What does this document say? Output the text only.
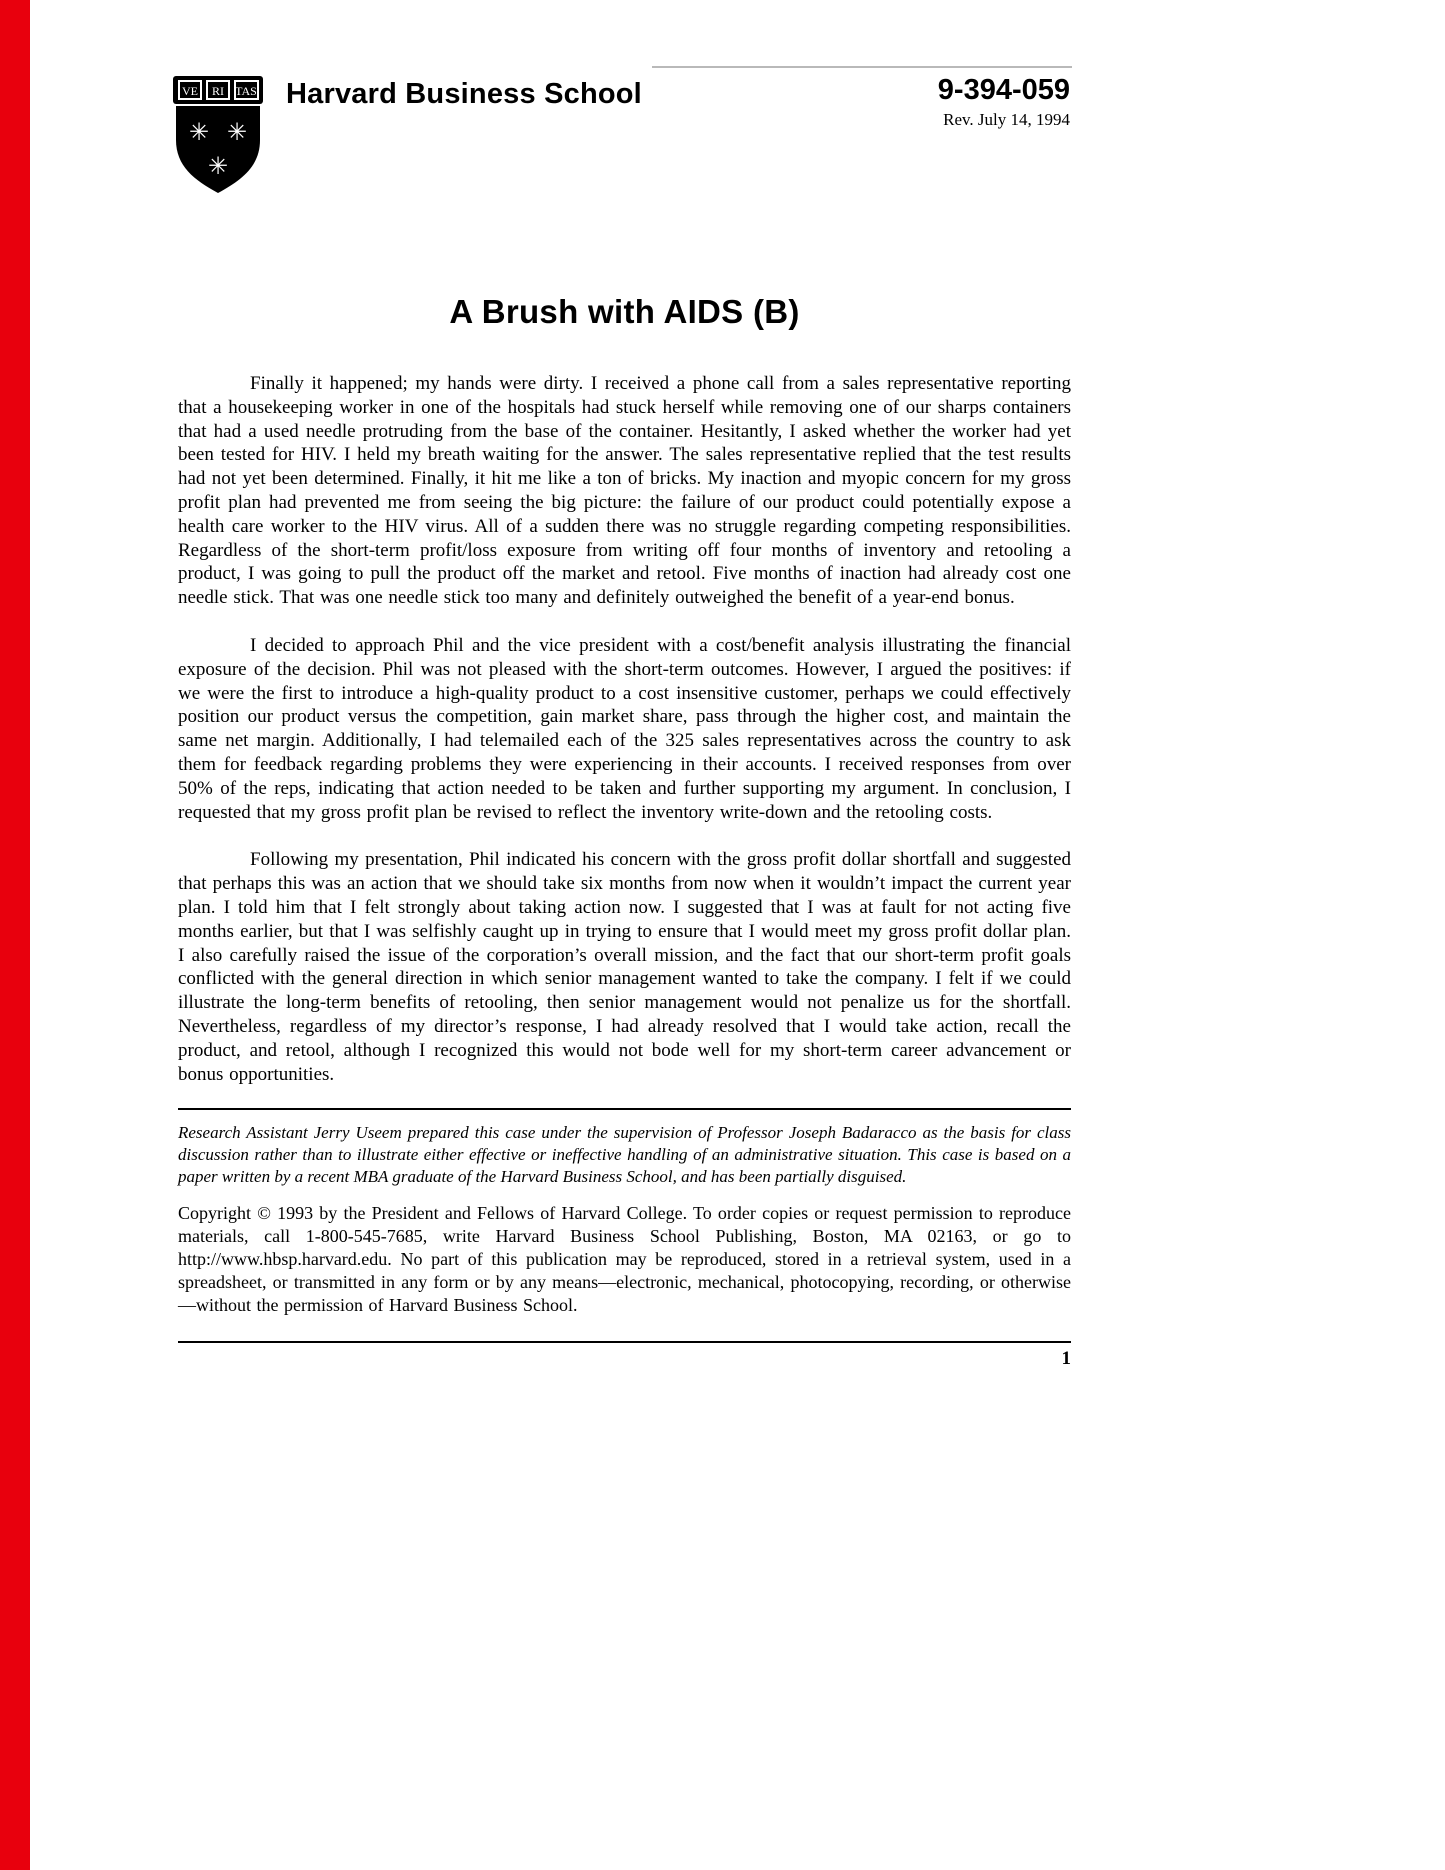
VE RI TAS
✳ ✳
✳
Harvard Business School	9-394-059
Rev. July 14, 1994
A Brush with AIDS (B)

Finally it happened; my hands were dirty. I received a phone call from a sales representative reporting that a housekeeping worker in one of the hospitals had stuck herself while removing one of our sharps containers that had a used needle protruding from the base of the container. Hesitantly, I asked whether the worker had yet been tested for HIV. I held my breath waiting for the answer. The sales representative replied that the test results had not yet been determined. Finally, it hit me like a ton of bricks. My inaction and myopic concern for my gross profit plan had prevented me from seeing the big picture: the failure of our product could potentially expose a health care worker to the HIV virus. All of a sudden there was no struggle regarding competing responsibilities. Regardless of the short-term profit/loss exposure from writing off four months of inventory and retooling a product, I was going to pull the product off the market and retool. Five months of inaction had already cost one needle stick. That was one needle stick too many and definitely outweighed the benefit of a year-end bonus.

I decided to approach Phil and the vice president with a cost/benefit analysis illustrating the financial exposure of the decision. Phil was not pleased with the short-term outcomes. However, I argued the positives: if we were the first to introduce a high-quality product to a cost insensitive customer, perhaps we could effectively position our product versus the competition, gain market share, pass through the higher cost, and maintain the same net margin. Additionally, I had telemailed each of the 325 sales representatives across the country to ask them for feedback regarding problems they were experiencing in their accounts. I received responses from over 50% of the reps, indicating that action needed to be taken and further supporting my argument. In conclusion, I requested that my gross profit plan be revised to reflect the inventory write-down and the retooling costs.

Following my presentation, Phil indicated his concern with the gross profit dollar shortfall and suggested that perhaps this was an action that we should take six months from now when it wouldn’t impact the current year plan. I told him that I felt strongly about taking action now. I suggested that I was at fault for not acting five months earlier, but that I was selfishly caught up in trying to ensure that I would meet my gross profit dollar plan. I also carefully raised the issue of the corporation’s overall mission, and the fact that our short-term profit goals conflicted with the general direction in which senior management wanted to take the company. I felt if we could illustrate the long-term benefits of retooling, then senior management would not penalize us for the shortfall. Nevertheless, regardless of my director’s response, I had already resolved that I would take action, recall the product, and retool, although I recognized this would not bode well for my short-term career advancement or bonus opportunities.

Research Assistant Jerry Useem prepared this case under the supervision of Professor Joseph Badaracco as the basis for class discussion rather than to illustrate either effective or ineffective handling of an administrative situation. This case is based on a paper written by a recent MBA graduate of the Harvard Business School, and has been partially disguised.

Copyright © 1993 by the President and Fellows of Harvard College. To order copies or request permission to reproduce materials, call 1-800-545-7685, write Harvard Business School Publishing, Boston, MA 02163, or go to http://www.hbsp.harvard.edu. No part of this publication may be reproduced, stored in a retrieval system, used in a spreadsheet, or transmitted in any form or by any means—electronic, mechanical, photocopying, recording, or otherwise—without the permission of Harvard Business School.

1
